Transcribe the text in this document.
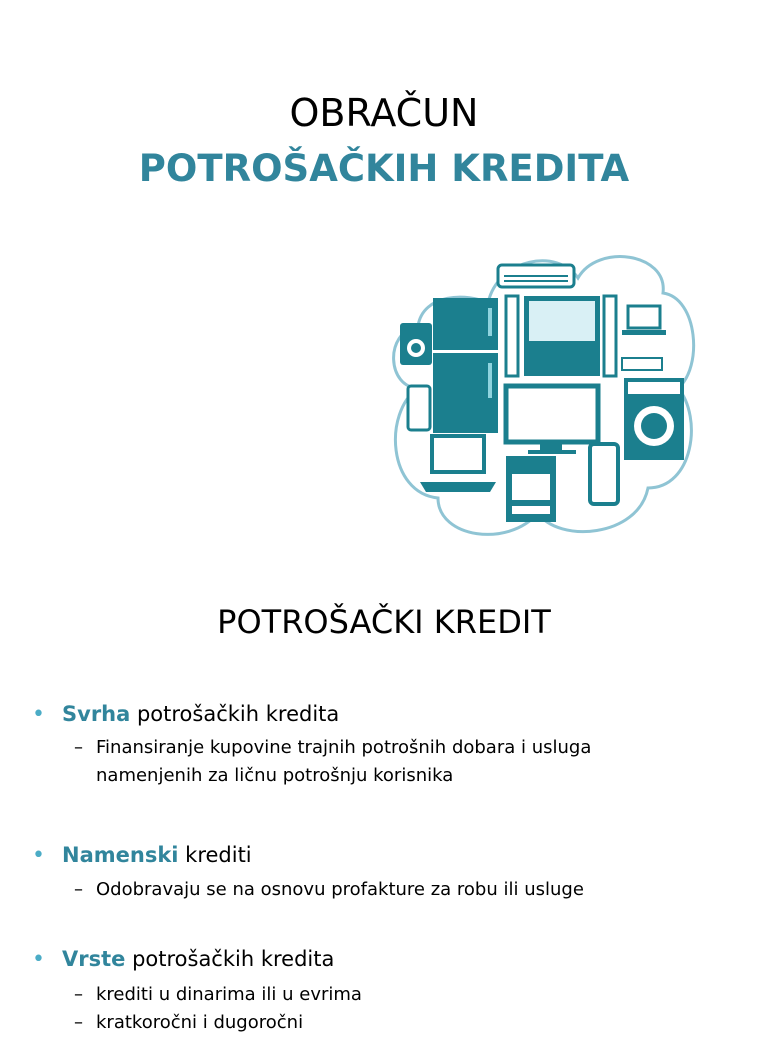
OBRAČUN
POTROŠAČKIH KREDITA
POTROŠAČKI KREDIT
• Svrha potrošačkih kredita
– Finansiranje kupovine trajnih potrošnih dobara i usluga namenjenih za ličnu potrošnju korisnika
• Namenski krediti
– Odobravaju se na osnovu profakture za robu ili usluge
• Vrste potrošačkih kredita
– krediti u dinarima ili u evrima
– kratkoročni i dugoročni
